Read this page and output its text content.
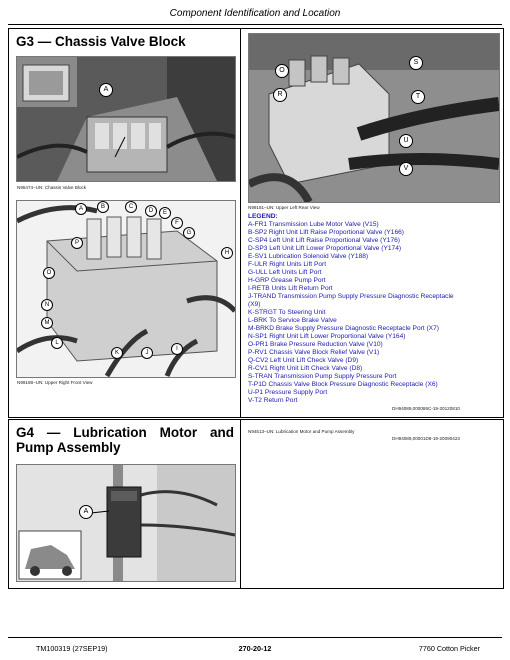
Component Identification and Location
G3 — Chassis Valve Block
A
N95474–UN: Chassis Valve Block
A	B	C
D	E
F
G
H
I
J
K
L
M
N
O
P
N99188–UN: Upper Right Front View
O
R
S
T
U
V
N99181–UN: Upper Left Rear View
LEGEND:
A-FR1 Transmission Lube Motor Valve (V15)
B-SP2 Right Unit Lift Raise Proportional Valve (Y166)
C-SP4 Left Unit Lift Raise Proportional Valve (Y176)
D-SP3 Left Unit Lift Lower Proportional Valve (Y174)
E-SV1 Lubrication Solenoid Valve (Y188)
F-ULR Right Units Lift Port
G-ULL Left Units Lift Port
H-GRP Grease Pump Port
I-RETB Units Lift Return Port
J-TRAND Transmission Pump Supply Pressure Diagnostic Receptacle
(X9)
K-STRGT To Steering Unit
L-BRK To Service Brake Valve
M-BRKD Brake Supply Pressure Diagnostic Receptacle Port (X7)
N-SP1 Right Unit Lift Lower Proportional Valve (Y164)
O-PR1 Brake Pressure Reduction Valve (V10)
P-RV1 Chassis Valve Block Relief Valve (V1)
Q-CV2 Left Unit Lift Check Valve (D9)
R-CV1 Right Unit Lift Check Valve (D8)
S-TRAN Transmission Pump Supply Pressure Port
T-P1D Chassis Valve Block Pressure Diagnostic Receptacle (X6)
U-P1 Pressure Supply Port
V-T2 Return Port
DH94089,000086C-19-20120810
G4 — Lubrication Motor and Pump Assembly
N94513–UN: Lubrication Motor and Pump Assembly
DH94089,00001D8-19-20090423
A
TM100319 (27SEP19)	270-20-12	7760 Cotton Picker
